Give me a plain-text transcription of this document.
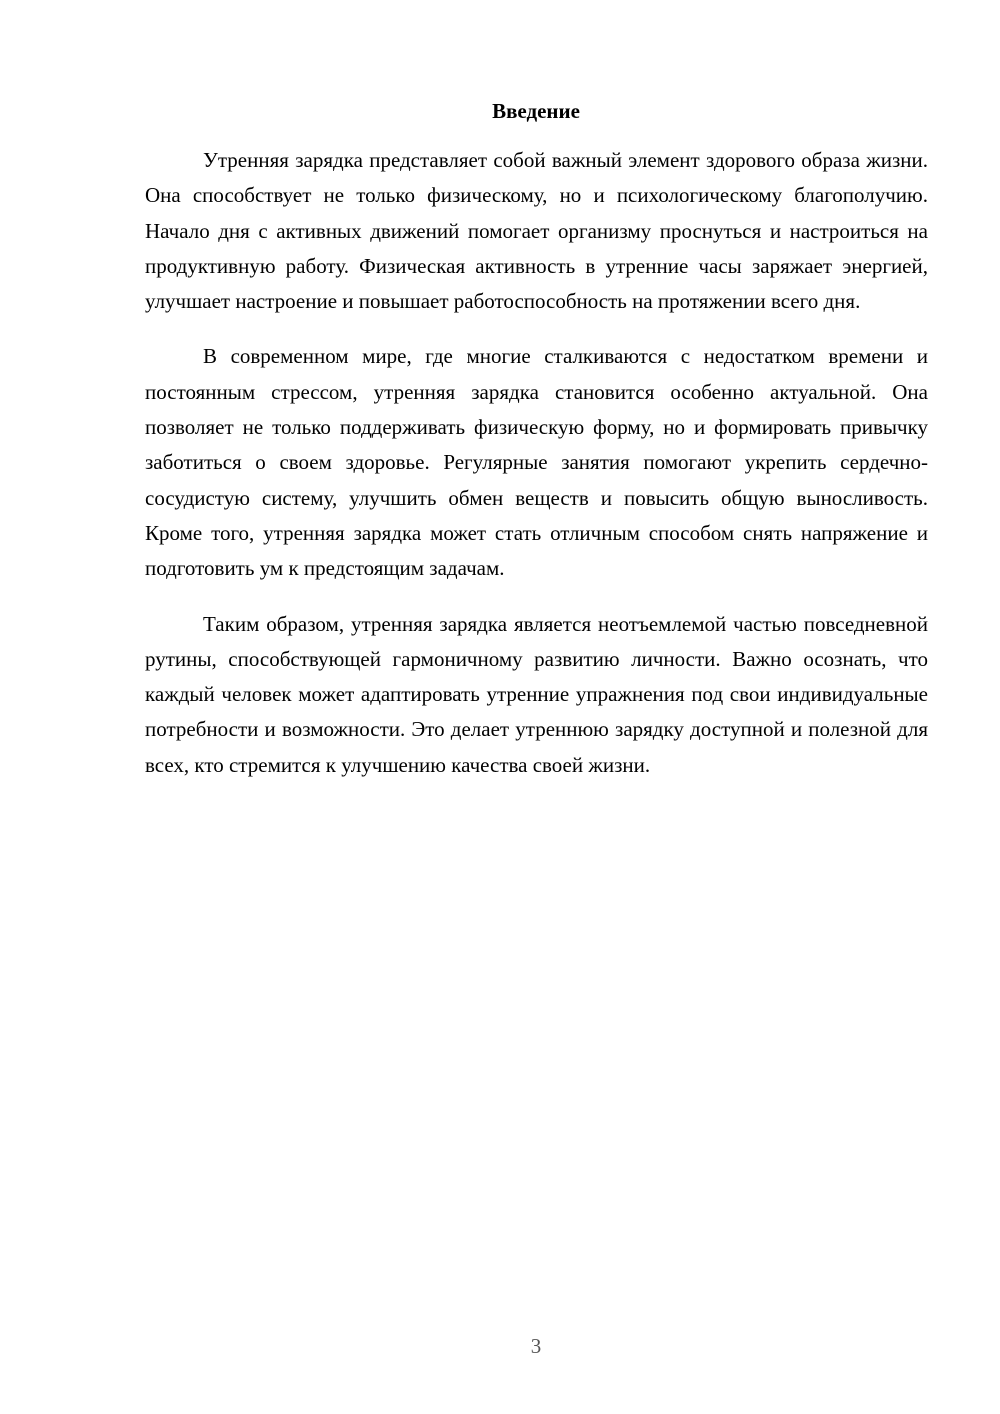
Введение

Утренняя зарядка представляет собой важный элемент здорового образа жизни. Она способствует не только физическому, но и психологическому благополучию. Начало дня с активных движений помогает организму проснуться и настроиться на продуктивную работу. Физическая активность в утренние часы заряжает энергией, улучшает настроение и повышает работоспособность на протяжении всего дня.

В современном мире, где многие сталкиваются с недостатком времени и постоянным стрессом, утренняя зарядка становится особенно актуальной. Она позволяет не только поддерживать физическую форму, но и формировать привычку заботиться о своем здоровье. Регулярные занятия помогают укрепить сердечно-сосудистую систему, улучшить обмен веществ и повысить общую выносливость. Кроме того, утренняя зарядка может стать отличным способом снять напряжение и подготовить ум к предстоящим задачам.

Таким образом, утренняя зарядка является неотъемлемой частью повседневной рутины, способствующей гармоничному развитию личности. Важно осознать, что каждый человек может адаптировать утренние упражнения под свои индивидуальные потребности и возможности. Это делает утреннюю зарядку доступной и полезной для всех, кто стремится к улучшению качества своей жизни.

3
